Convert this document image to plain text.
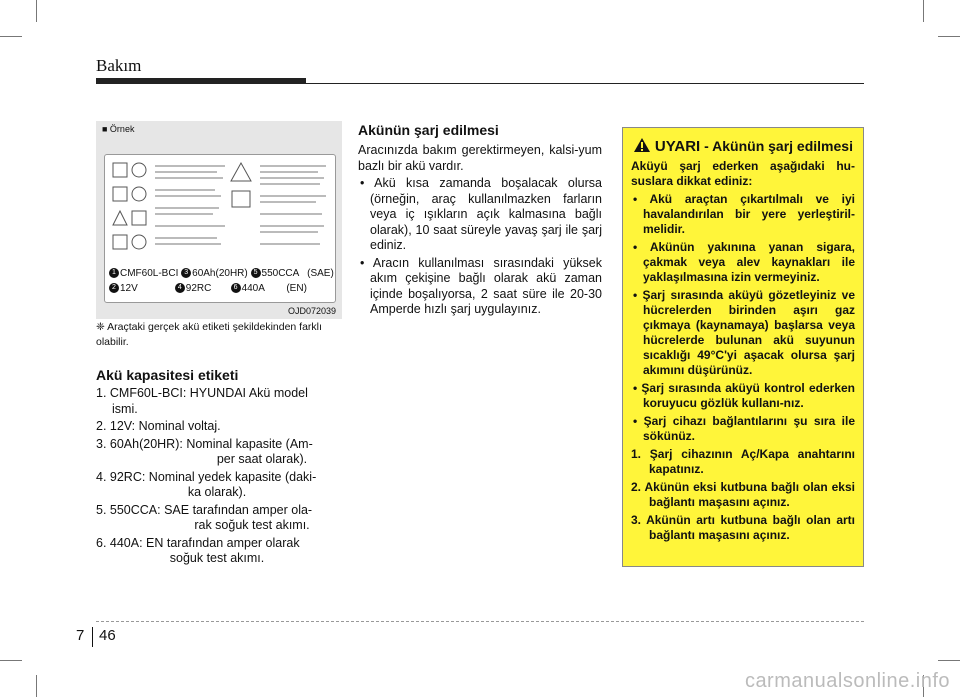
Bakım
■ Örnek
1 CMF60L-BCI 3 60Ah(20HR) 5 550CCA (SAE)
2 12V	4 92RC	6 440A (EN)
OJD072039
❈ Araçtaki gerçek akü etiketi şekildekinden farklı olabilir.
Akü kapasitesi etiketi
1. CMF60L-BCI: HYUNDAI Akü model
ismi.
2. 12V: Nominal voltaj.
3. 60Ah(20HR): Nominal kapasite (Am-
per saat olarak).
4. 92RC: Nominal yedek kapasite (daki-
ka olarak).
5. 550CCA: SAE tarafından amper ola-
rak soğuk test akımı.
6. 440A: EN tarafından amper olarak
soğuk test akımı.
Akünün şarj edilmesi
Aracınızda bakım gerektirmeyen, kalsi-yum bazlı bir akü vardır.
• Akü kısa zamanda boşalacak olursa (örneğin, araç kullanılmazken farların veya iç ışıkların açık kalmasına bağlı olarak), 10 saat süreyle yavaş şarj ile şarj ediniz.
• Aracın kullanılması sırasındaki yüksek akım çekişine bağlı olarak akü zaman içinde boşalıyorsa, 2 saat süre ile 20-30 Amperde hızlı şarj uygulayınız.
UYARI - Akünün şarj edilmesi
Aküyü şarj ederken aşağıdaki hu-suslara dikkat ediniz:
• Akü araçtan çıkartılmalı ve iyi havalandırılan bir yere yerleştiril-melidir.
• Akünün yakınına yanan sigara, çakmak veya alev kaynakları ile yaklaşılmasına izin vermeyiniz.
• Şarj sırasında aküyü gözetleyiniz ve hücrelerden birinden aşırı gaz çıkmaya (kaynamaya) başlarsa veya hücrelerde bulunan akü suyunun sıcaklığı 49°C'yi aşacak olursa şarj akımını düşürünüz.
• Şarj sırasında aküyü kontrol ederken koruyucu gözlük kullanı-nız.
• Şarj cihazı bağlantılarını şu sıra ile sökünüz.
1. Şarj cihazının Aç/Kapa anahtarını kapatınız.
2. Akünün eksi kutbuna bağlı olan eksi bağlantı maşasını açınız.
3. Akünün artı kutbuna bağlı olan artı bağlantı maşasını açınız.
7 46
carmanualsonline.info
